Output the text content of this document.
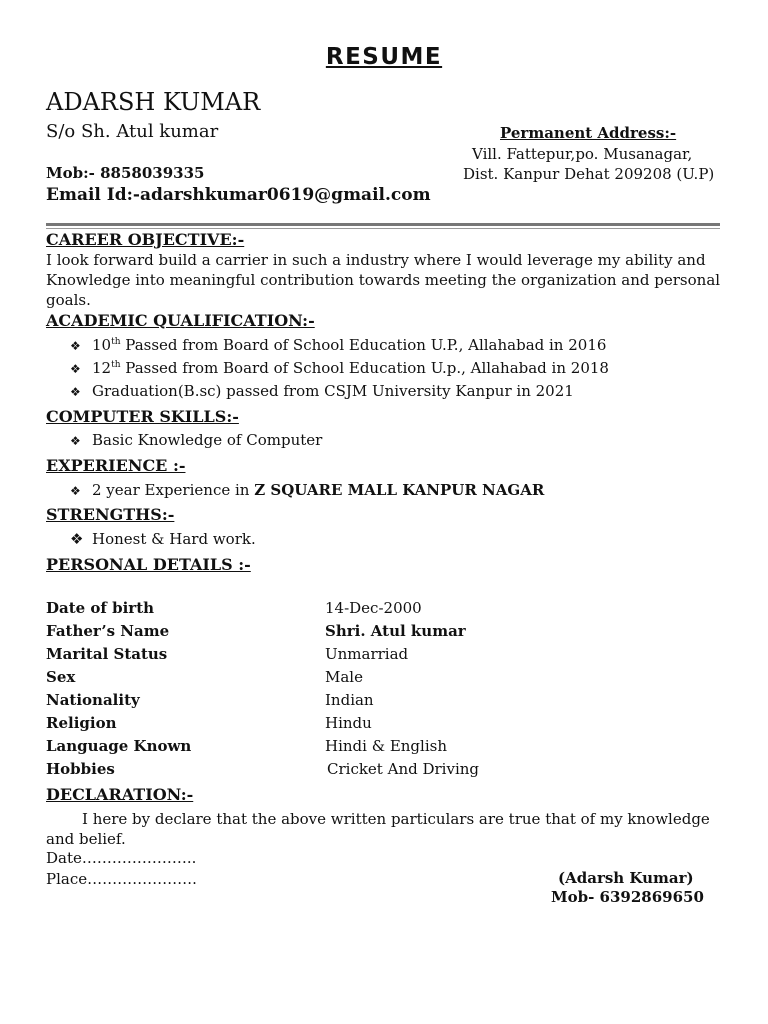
RESUME
ADARSH KUMAR
S/o Sh. Atul kumar
Mob:- 8858039335
Email Id:-adarshkumar0619@gmail.com
Permanent Address:-
Vill. Fattepur,po. Musanagar,
Dist. Kanpur Dehat 209208 (U.P)
CAREER OBJECTIVE:-
I look forward build a carrier in such a industry where I would leverage my ability and Knowledge into meaningful contribution towards meeting the organization and personal goals.
ACADEMIC QUALIFICATION:-
❖ 10th Passed from Board of School Education U.P., Allahabad in 2016
❖ 12th Passed from Board of School Education U.p., Allahabad in 2018
❖ Graduation(B.sc) passed from CSJM University Kanpur in 2021
COMPUTER SKILLS:-
❖ Basic Knowledge of Computer
EXPERIENCE :-
❖ 2 year Experience in Z SQUARE MALL KANPUR NAGAR
STRENGTHS:-
❖ Honest & Hard work.
PERSONAL DETAILS :-
Date of birth	14-Dec-2000
Father’s Name	Shri. Atul kumar
Marital Status	Unmarriad
Sex	Male
Nationality	Indian
Religion	Hindu
Language Known	Hindi & English
Hobbies	Cricket And Driving
DECLARATION:-
I here by declare that the above written particulars are true that of my knowledge and belief.
Date…………………..
Place………………….	(Adarsh Kumar)
Mob- 6392869650
